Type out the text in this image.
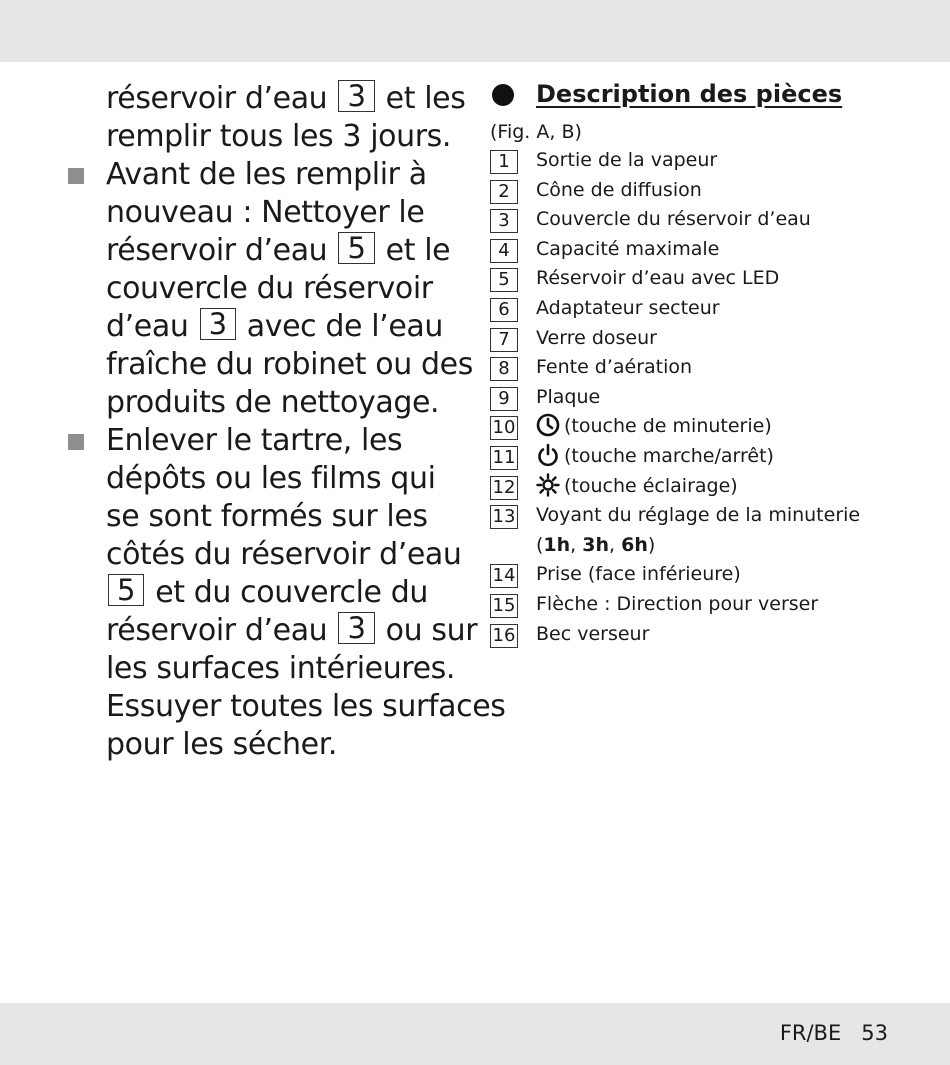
réservoir d’eau 3 et les
remplir tous les 3 jours.
Avant de les remplir à
nouveau : Nettoyer le
réservoir d’eau 5 et le
couvercle du réservoir
d’eau 3 avec de l’eau
fraîche du robinet ou des
produits de nettoyage.
Enlever le tartre, les
dépôts ou les films qui
se sont formés sur les
côtés du réservoir d’eau
5 et du couvercle du
réservoir d’eau 3 ou sur
les surfaces intérieures.
Essuyer toutes les surfaces
pour les sécher.
Description des pièces
(Fig. A, B)
1	Sortie de la vapeur
2	Cône de diffusion
3	Couvercle du réservoir d’eau
4	Capacité maximale
5	Réservoir d’eau avec LED
6	Adaptateur secteur
7	Verre doseur
8	Fente d’aération
9	Plaque
10	(touche de minuterie)
11	(touche marche/arrêt)
12	(touche éclairage)
13 Voyant du réglage de la minuterie
(1h, 3h, 6h)
14 Prise (face inférieure)
15 Flèche : Direction pour verser
16 Bec verseur
FR/BE 53
